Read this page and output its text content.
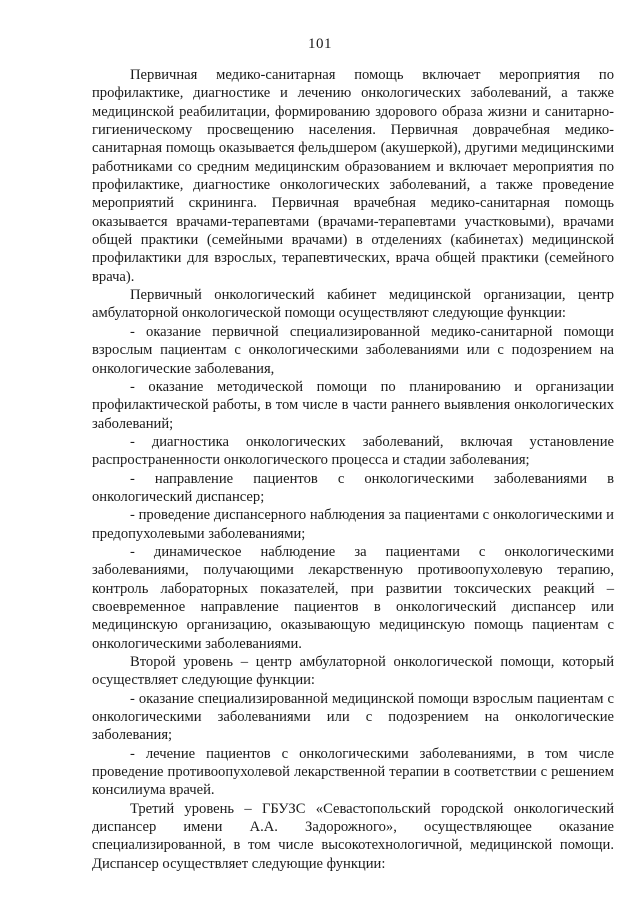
101

Первичная медико-санитарная помощь включает мероприятия по профилактике, диагностике и лечению онкологических заболеваний, а также медицинской реабилитации, формированию здорового образа жизни и санитарно-гигиеническому просвещению населения. Первичная доврачебная медико-санитарная помощь оказывается фельдшером (акушеркой), другими медицинскими работниками со средним медицинским образованием и включает мероприятия по профилактике, диагностике онкологических заболеваний, а также проведение мероприятий скрининга. Первичная врачебная медико-санитарная помощь оказывается врачами-терапевтами (врачами-терапевтами участковыми), врачами общей практики (семейными врачами) в отделениях (кабинетах) медицинской профилактики для взрослых, терапевтических, врача общей практики (семейного врача).

Первичный онкологический кабинет медицинской организации, центр амбулаторной онкологической помощи осуществляют следующие функции:

- оказание первичной специализированной медико-санитарной помощи взрослым пациентам с онкологическими заболеваниями или с подозрением на онкологические заболевания,

- оказание методической помощи по планированию и организации профилактической работы, в том числе в части раннего выявления онкологических заболеваний;

- диагностика онкологических заболеваний, включая установление распространенности онкологического процесса и стадии заболевания;

- направление пациентов с онкологическими заболеваниями в онкологический диспансер;

- проведение диспансерного наблюдения за пациентами с онкологическими и предопухолевыми заболеваниями;

- динамическое наблюдение за пациентами с онкологическими заболеваниями, получающими лекарственную противоопухолевую терапию, контроль лабораторных показателей, при развитии токсических реакций – своевременное направление пациентов в онкологический диспансер или медицинскую организацию, оказывающую медицинскую помощь пациентам с онкологическими заболеваниями.

Второй уровень – центр амбулаторной онкологической помощи, который осуществляет следующие функции:

- оказание специализированной медицинской помощи взрослым пациентам с онкологическими заболеваниями или с подозрением на онкологические заболевания;

- лечение пациентов с онкологическими заболеваниями, в том числе проведение противоопухолевой лекарственной терапии в соответствии с решением консилиума врачей.

Третий уровень – ГБУЗС «Севастопольский городской онкологический диспансер имени А.А. Задорожного», осуществляющее оказание специализированной, в том числе высокотехнологичной, медицинской помощи. Диспансер осуществляет следующие функции:
